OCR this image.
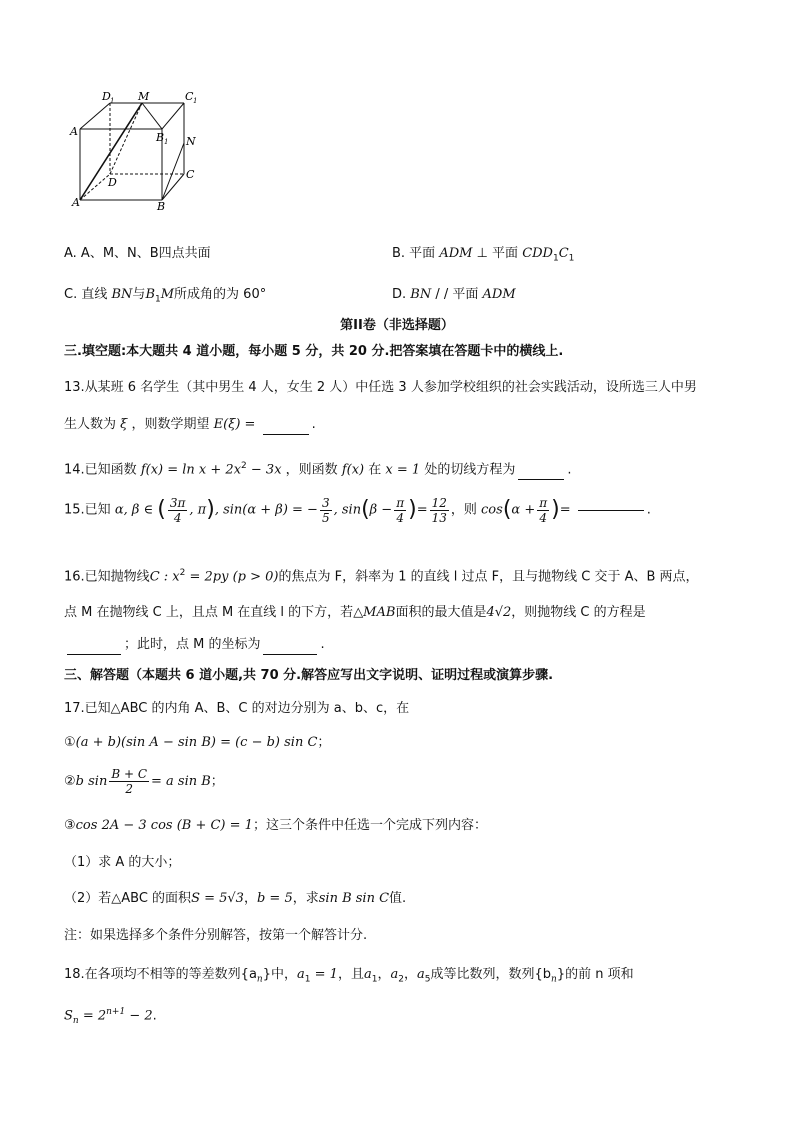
D 1 M	C 1
A	B 1 N
D
C
A	B
A. A、M、N、B四点共面	B. 平面 ADM ⊥ 平面 $CDD_1C_1$
C. 直线 BN与$B_1M$所成角的为 60°	D. BN / / 平面 ADM
第II卷（非选择题）
三.填空题:本大题共 4 道小题，每小题 5 分，共 20 分.把答案填在答题卡中的横线上.
13.从某班 6 名学生（其中男生 4 人，女生 2 人）中任选 3 人参加学校组织的社会实践活动，设所选三人中男
生人数为 ξ ，则数学期望 E(ξ) =	.
14.已知函数 $f(x) = \ln x + 2x^2 - 3x$ ，则函数 f(x) 在 x = 1 处的切线方程为	.
15.已知 α, β ∈ ( $\frac{3\pi}{4}$ , π), sin(α + β) = − $\frac{3}{5}$ , $\sin(\beta - \frac{\pi}{4}$ )= $\frac{12}{13}$ ，则 $\cos(\alpha + \frac{\pi}{4}$ )=	.
16.已知抛物线C : $x^2 = 2py$ (p > 0)的焦点为 F，斜率为 1 的直线 l 过点 F，且与抛物线 C 交于 A、B 两点，
点 M 在抛物线 C 上，且点 M 在直线 l 的下方，若△MAB面积的最大值是4√2，则抛物线 C 的方程是
；此时，点 M 的坐标为	.
三、解答题（本题共 6 道小题,共 70 分.解答应写出文字说明、证明过程或演算步骤.
17.已知△ABC 的内角 A、B、C 的对边分别为 a、b、c，在
①(a + b)(sin A − sin B) = (c − b) sin C；
②b $\sin \frac{B + C}{2} = a$ sin B；
③cos 2A − 3 cos (B + C) = 1；这三个条件中任选一个完成下列内容：
（1）求 A 的大小；
（2）若△ABC 的面积S = 5√3，b = 5，求sin B sin C值.
注：如果选择多个条件分别解答，按第一个解答计分.
18.在各项均不相等的等差数列$\{a_n\}$中，$a_1 = 1$，且$a_1$，$a_2$，$a_5$成等比数列，数列$\{b_n\}$的前 n 项和
$S_n = 2^{n+1} - 2$.
